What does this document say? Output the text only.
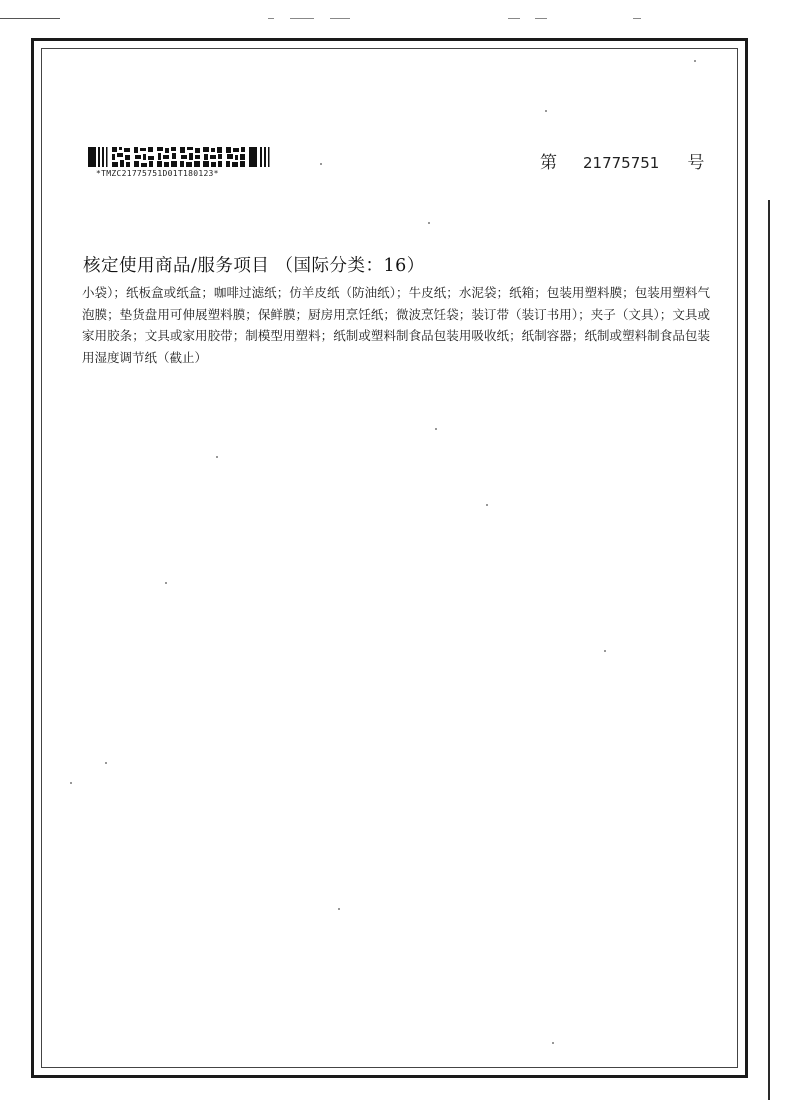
*TMZC21775751D01T180123*
第 21775751 号
核定使用商品/服务项目 （国际分类：16）
小袋）；纸板盒或纸盒；咖啡过滤纸；仿羊皮纸（防油纸）；牛皮纸；水泥袋；纸箱；包装用塑料膜；包装用塑料气泡膜；垫货盘用可伸展塑料膜；保鲜膜；厨房用烹饪纸；微波烹饪袋；装订带（装订书用）；夹子（文具）；文具或家用胶条；文具或家用胶带；制模型用塑料；纸制或塑料制食品包装用吸收纸；纸制容器；纸制或塑料制食品包装用湿度调节纸（截止）
